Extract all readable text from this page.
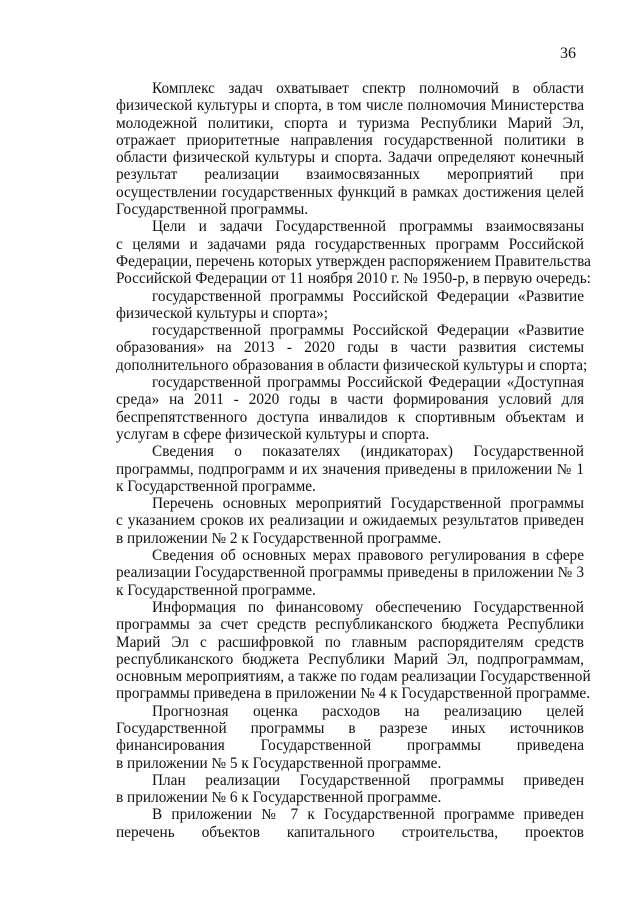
36
Комплекс задач охватывает спектр полномочий в области
физической культуры и спорта, в том числе полномочия Министерства
молодежной политики, спорта и туризма Республики Марий Эл,
отражает приоритетные направления государственной политики в
области физической культуры и спорта. Задачи определяют конечный
результат реализации взаимосвязанных мероприятий при
осуществлении государственных функций в рамках достижения целей
Государственной программы.
Цели и задачи Государственной программы взаимосвязаны
с целями и задачами ряда государственных программ Российской
Федерации, перечень которых утвержден распоряжением Правительства
Российской Федерации от 11 ноября 2010 г. № 1950-р, в первую очередь:
государственной программы Российской Федерации «Развитие
физической культуры и спорта»;
государственной программы Российской Федерации «Развитие
образования» на 2013 - 2020 годы в части развития системы
дополнительного образования в области физической культуры и спорта;
государственной программы Российской Федерации «Доступная
среда» на 2011 - 2020 годы в части формирования условий для
беспрепятственного доступа инвалидов к спортивным объектам и
услугам в сфере физической культуры и спорта.
Сведения о показателях (индикаторах) Государственной
программы, подпрограмм и их значения приведены в приложении № 1
к Государственной программе.
Перечень основных мероприятий Государственной программы
с указанием сроков их реализации и ожидаемых результатов приведен
в приложении № 2 к Государственной программе.
Сведения об основных мерах правового регулирования в сфере
реализации Государственной программы приведены в приложении № 3
к Государственной программе.
Информация по финансовому обеспечению Государственной
программы за счет средств республиканского бюджета Республики
Марий Эл с расшифровкой по главным распорядителям средств
республиканского бюджета Республики Марий Эл, подпрограммам,
основным мероприятиям, а также по годам реализации Государственной
программы приведена в приложении № 4 к Государственной программе.
Прогнозная оценка расходов на реализацию целей
Государственной программы в разрезе иных источников
финансирования Государственной программы приведена
в приложении № 5 к Государственной программе.
План реализации Государственной программы приведен
в приложении № 6 к Государственной программе.
В приложении № 7 к Государственной программе приведен
перечень объектов капитального строительства, проектов
